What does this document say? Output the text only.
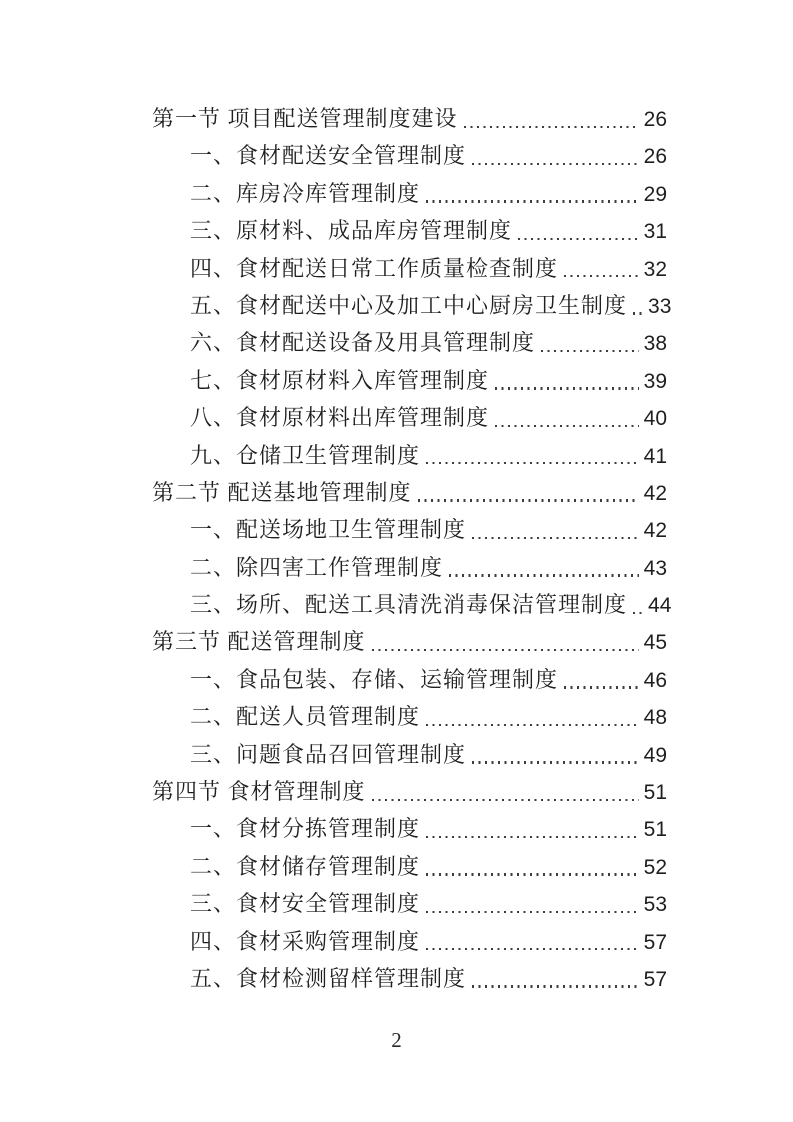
第一节 项目配送管理制度建设	26
一、食材配送安全管理制度	26
二、库房冷库管理制度	29
三、原材料、成品库房管理制度	31
四、食材配送日常工作质量检查制度	32
五、食材配送中心及加工中心厨房卫生制度 33
六、食材配送设备及用具管理制度	38
七、食材原材料入库管理制度	39
八、食材原材料出库管理制度	40
九、仓储卫生管理制度	41
第二节 配送基地管理制度	42
一、配送场地卫生管理制度	42
二、除四害工作管理制度	43
三、场所、配送工具清洗消毒保洁管理制度 44
第三节 配送管理制度	45
一、食品包装、存储、运输管理制度	46
二、配送人员管理制度	48
三、问题食品召回管理制度	49
第四节 食材管理制度	51
一、食材分拣管理制度	51
二、食材储存管理制度	52
三、食材安全管理制度	53
四、食材采购管理制度	57
五、食材检测留样管理制度	57
2
